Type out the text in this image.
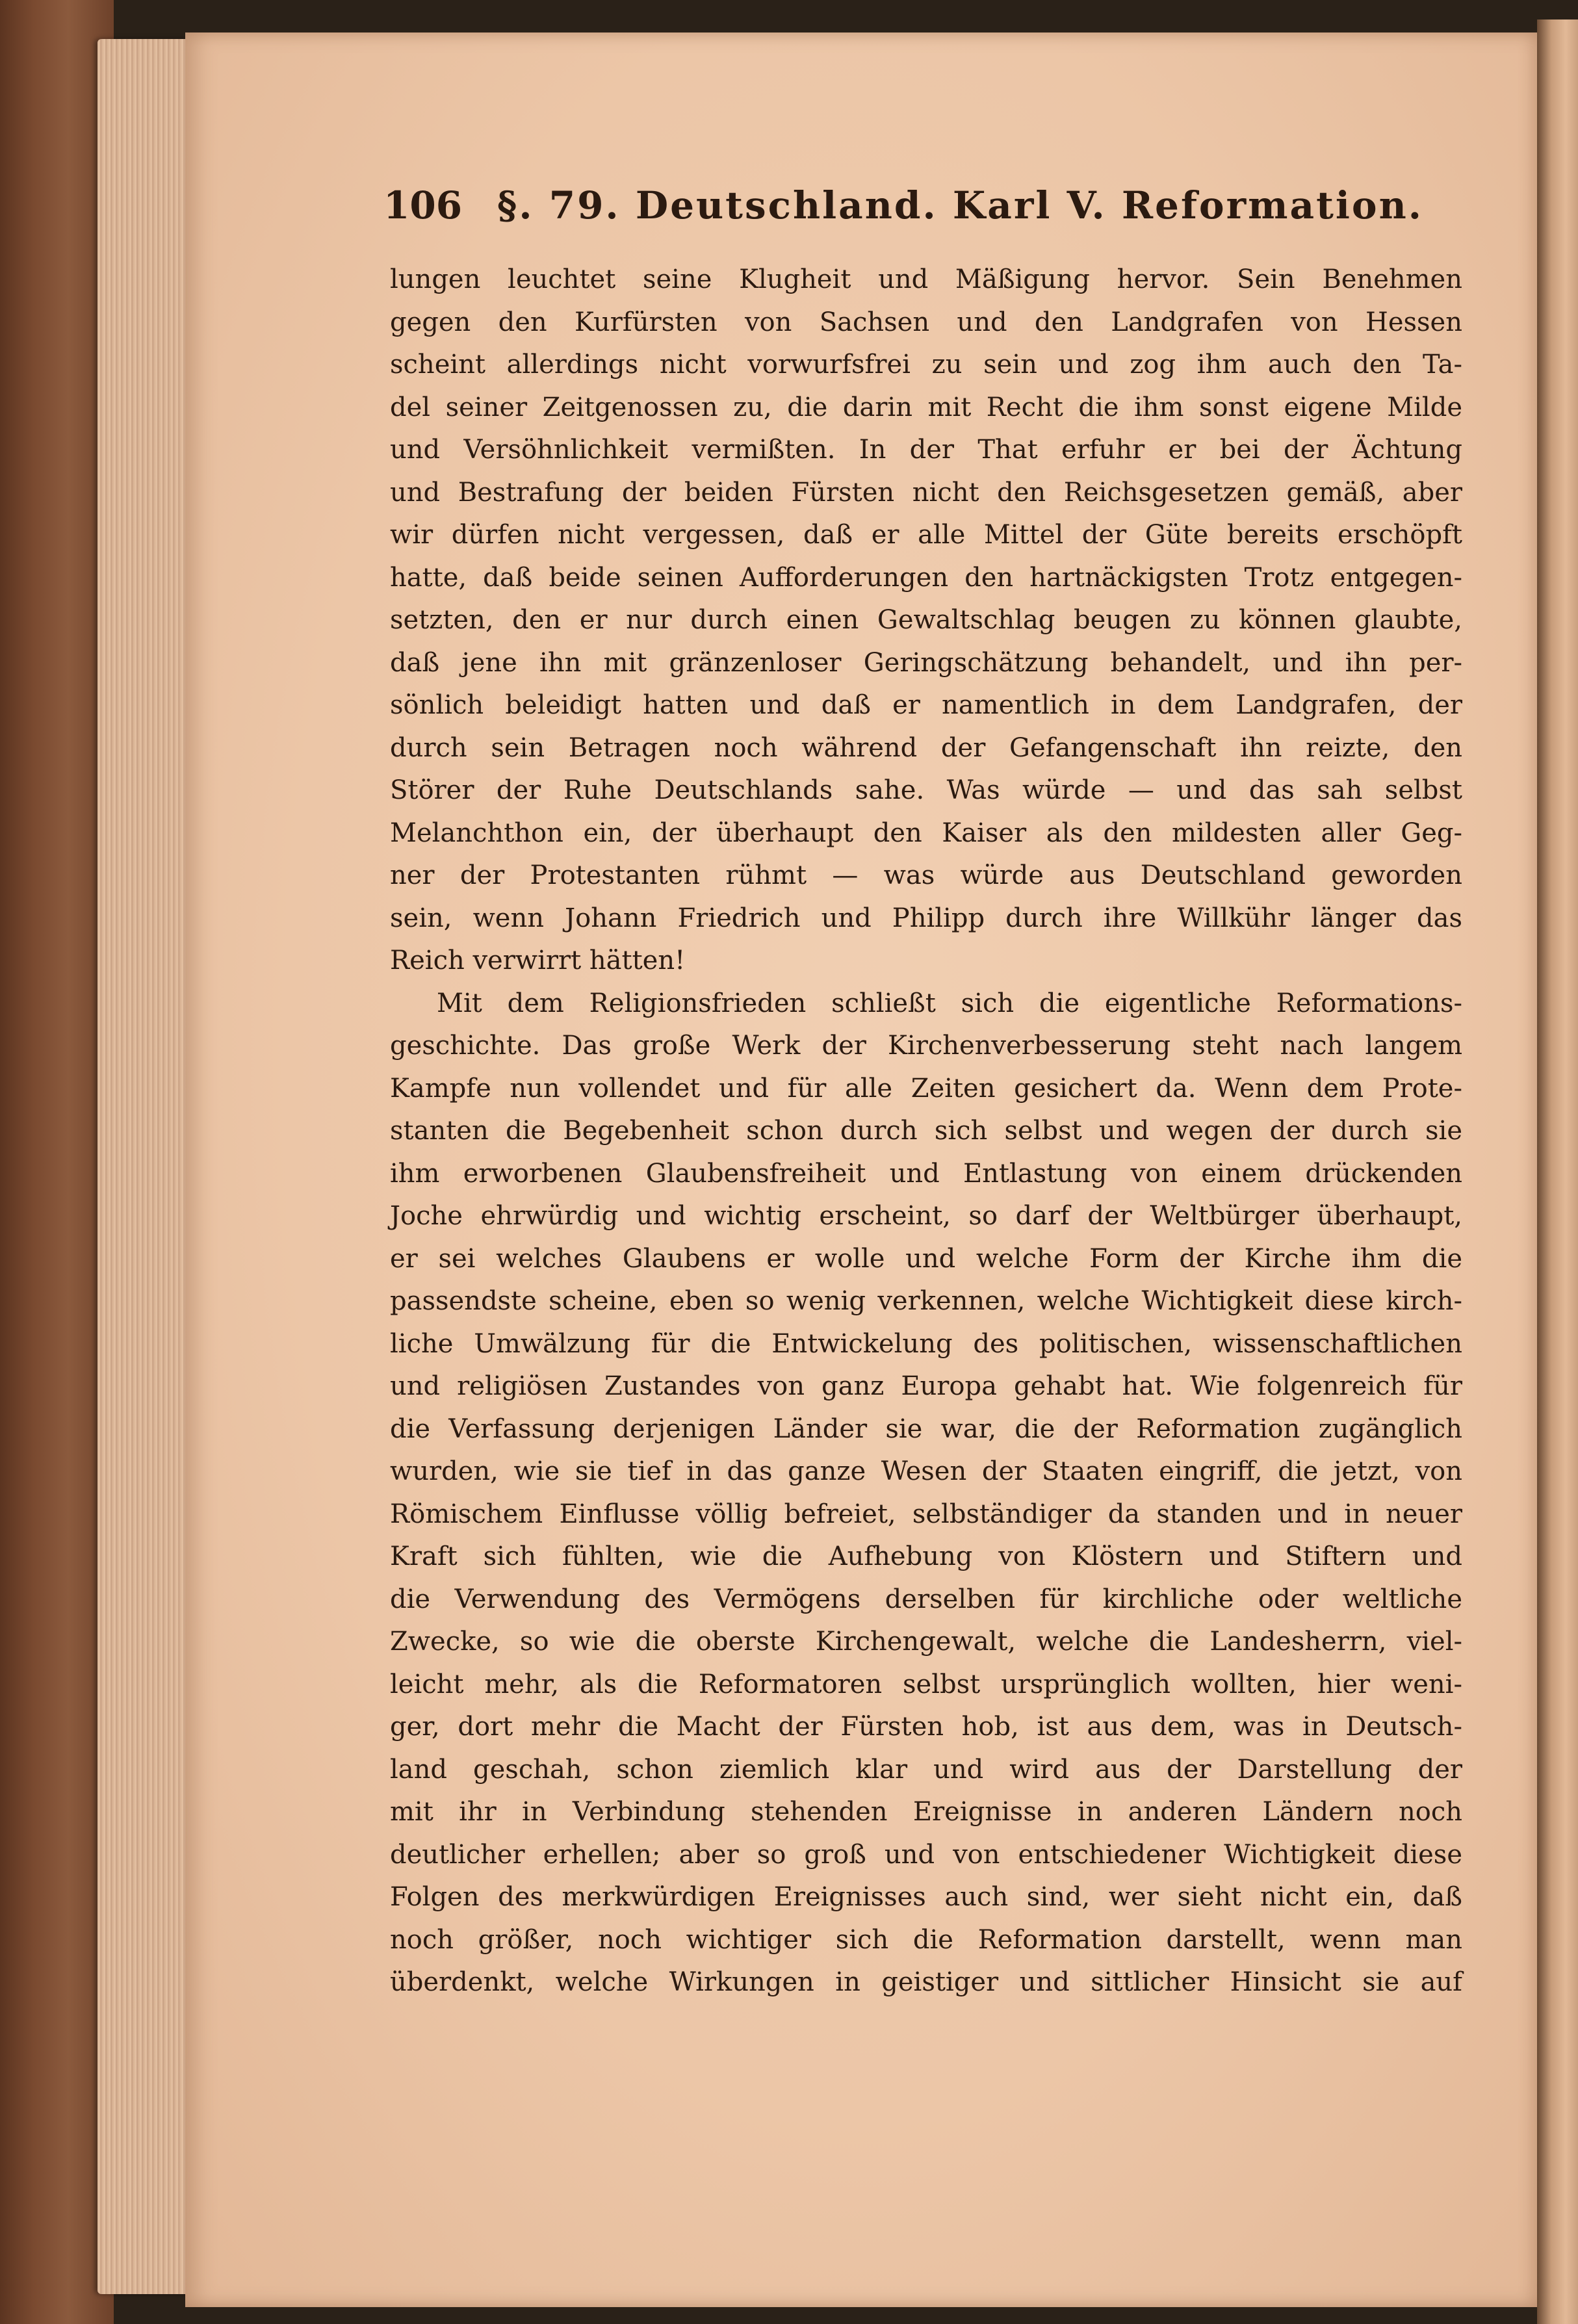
106 §. 79. Deutschland. Karl V. Reformation.
lungen leuchtet seine Klugheit und Mäßigung hervor. Sein Benehmen
gegen den Kurfürsten von Sachsen und den Landgrafen von Hessen
scheint allerdings nicht vorwurfsfrei zu sein und zog ihm auch den Ta-
del seiner Zeitgenossen zu, die darin mit Recht die ihm sonst eigene Milde
und Versöhnlichkeit vermißten. In der That erfuhr er bei der Ächtung
und Bestrafung der beiden Fürsten nicht den Reichsgesetzen gemäß, aber
wir dürfen nicht vergessen, daß er alle Mittel der Güte bereits erschöpft
hatte, daß beide seinen Aufforderungen den hartnäckigsten Trotz entgegen-
setzten, den er nur durch einen Gewaltschlag beugen zu können glaubte,
daß jene ihn mit gränzenloser Geringschätzung behandelt, und ihn per-
sönlich beleidigt hatten und daß er namentlich in dem Landgrafen, der
durch sein Betragen noch während der Gefangenschaft ihn reizte, den
Störer der Ruhe Deutschlands sahe. Was würde — und das sah selbst
Melanchthon ein, der überhaupt den Kaiser als den mildesten aller Geg-
ner der Protestanten rühmt — was würde aus Deutschland geworden
sein, wenn Johann Friedrich und Philipp durch ihre Willkühr länger das
Reich verwirrt hätten!
Mit dem Religionsfrieden schließt sich die eigentliche Reformations-
geschichte. Das große Werk der Kirchenverbesserung steht nach langem
Kampfe nun vollendet und für alle Zeiten gesichert da. Wenn dem Prote-
stanten die Begebenheit schon durch sich selbst und wegen der durch sie
ihm erworbenen Glaubensfreiheit und Entlastung von einem drückenden
Joche ehrwürdig und wichtig erscheint, so darf der Weltbürger überhaupt,
er sei welches Glaubens er wolle und welche Form der Kirche ihm die
passendste scheine, eben so wenig verkennen, welche Wichtigkeit diese kirch-
liche Umwälzung für die Entwickelung des politischen, wissenschaftlichen
und religiösen Zustandes von ganz Europa gehabt hat. Wie folgenreich für
die Verfassung derjenigen Länder sie war, die der Reformation zugänglich
wurden, wie sie tief in das ganze Wesen der Staaten eingriff, die jetzt, von
Römischem Einflusse völlig befreiet, selbständiger da standen und in neuer
Kraft sich fühlten, wie die Aufhebung von Klöstern und Stiftern und
die Verwendung des Vermögens derselben für kirchliche oder weltliche
Zwecke, so wie die oberste Kirchengewalt, welche die Landesherrn, viel-
leicht mehr, als die Reformatoren selbst ursprünglich wollten, hier weni-
ger, dort mehr die Macht der Fürsten hob, ist aus dem, was in Deutsch-
land geschah, schon ziemlich klar und wird aus der Darstellung der
mit ihr in Verbindung stehenden Ereignisse in anderen Ländern noch
deutlicher erhellen; aber so groß und von entschiedener Wichtigkeit diese
Folgen des merkwürdigen Ereignisses auch sind, wer sieht nicht ein, daß
noch größer, noch wichtiger sich die Reformation darstellt, wenn man
überdenkt, welche Wirkungen in geistiger und sittlicher Hinsicht sie auf
